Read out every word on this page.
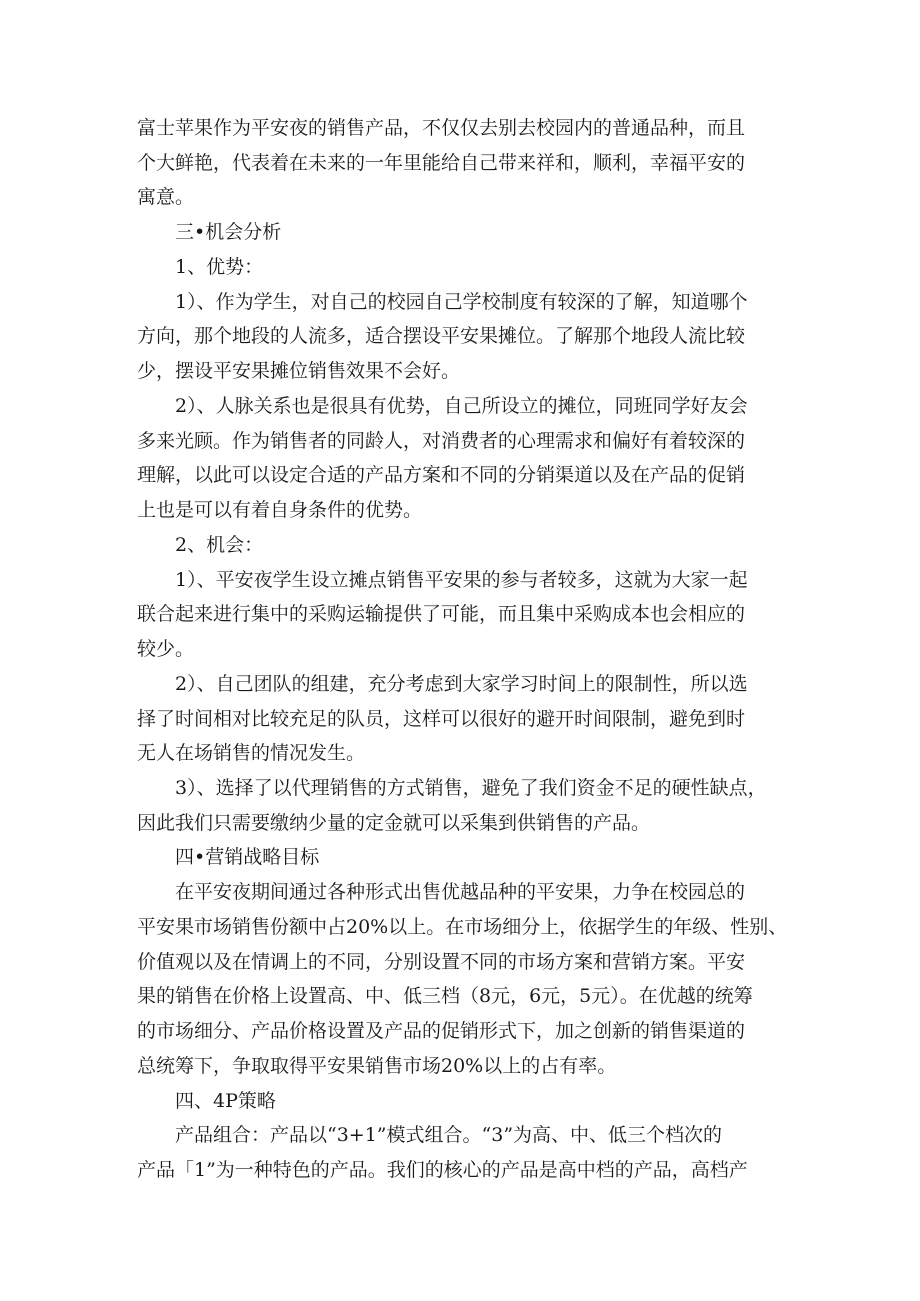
富士苹果作为平安夜的销售产品，不仅仅去别去校园内的普通品种，而且
个大鲜艳，代表着在未来的一年里能给自己带来祥和，顺利，幸福平安的
寓意。
三•机会分析
1、优势：
1）、作为学生，对自己的校园自己学校制度有较深的了解，知道哪个
方向，那个地段的人流多，适合摆设平安果摊位。了解那个地段人流比较
少，摆设平安果摊位销售效果不会好。
2）、人脉关系也是很具有优势，自己所设立的摊位，同班同学好友会
多来光顾。作为销售者的同龄人，对消费者的心理需求和偏好有着较深的
理解，以此可以设定合适的产品方案和不同的分销渠道以及在产品的促销
上也是可以有着自身条件的优势。
2、机会：
1）、平安夜学生设立摊点销售平安果的参与者较多，这就为大家一起
联合起来进行集中的采购运输提供了可能，而且集中采购成本也会相应的
较少。
2）、自己团队的组建，充分考虑到大家学习时间上的限制性，所以选
择了时间相对比较充足的队员，这样可以很好的避开时间限制，避免到时
无人在场销售的情况发生。
3）、选择了以代理销售的方式销售，避免了我们资金不足的硬性缺点，
因此我们只需要缴纳少量的定金就可以采集到供销售的产品。
四•营销战略目标
在平安夜期间通过各种形式出售优越品种的平安果，力争在校园总的
平安果市场销售份额中占20%以上。在市场细分上，依据学生的年级、性别、
价值观以及在情调上的不同，分别设置不同的市场方案和营销方案。平安
果的销售在价格上设置高、中、低三档（8元，6元，5元）。在优越的统筹
的市场细分、产品价格设置及产品的促销形式下，加之创新的销售渠道的
总统筹下，争取取得平安果销售市场20%以上的占有率。
四、4P策略
产品组合：产品以“3+1”模式组合。“3”为高、中、低三个档次的
产品「1”为一种特色的产品。我们的核心的产品是高中档的产品，高档产
